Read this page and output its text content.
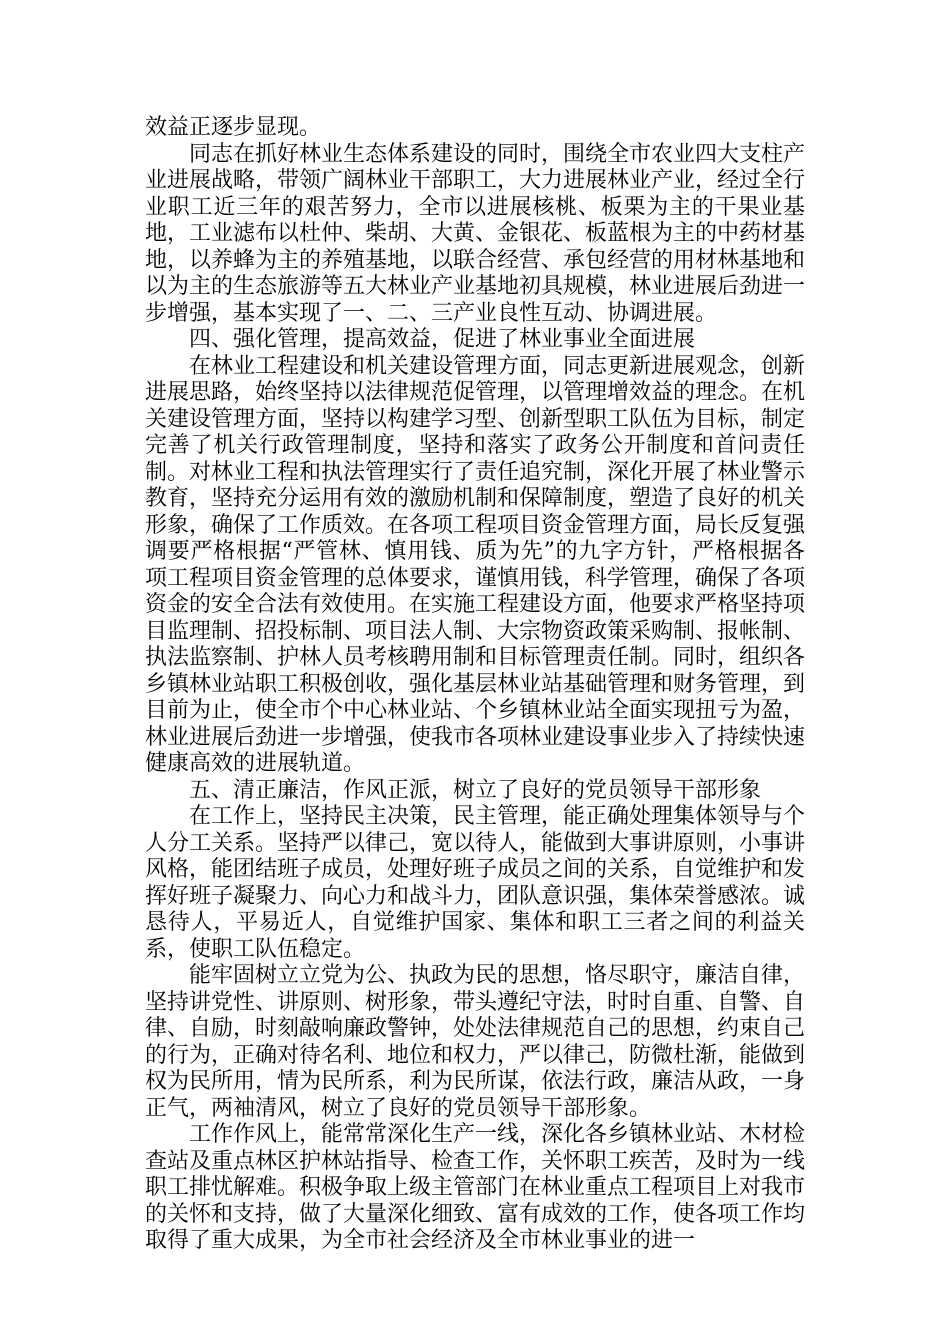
效益正逐步显现。

同志在抓好林业生态体系建设的同时，围绕全市农业四大支柱产业进展战略，带领广阔林业干部职工，大力进展林业产业，经过全行业职工近三年的艰苦努力，全市以进展核桃、板栗为主的干果业基地，工业滤布以杜仲、柴胡、大黄、金银花、板蓝根为主的中药材基地，以养蜂为主的养殖基地，以联合经营、承包经营的用材林基地和以为主的生态旅游等五大林业产业基地初具规模，林业进展后劲进一步增强，基本实现了一、二、三产业良性互动、协调进展。

四、强化管理，提高效益，促进了林业事业全面进展

在林业工程建设和机关建设管理方面，同志更新进展观念，创新进展思路，始终坚持以法律规范促管理，以管理增效益的理念。在机关建设管理方面，坚持以构建学习型、创新型职工队伍为目标，制定完善了机关行政管理制度，坚持和落实了政务公开制度和首问责任制。对林业工程和执法管理实行了责任追究制，深化开展了林业警示教育，坚持充分运用有效的激励机制和保障制度，塑造了良好的机关形象，确保了工作质效。在各项工程项目资金管理方面，局长反复强调要严格根据“严管林、慎用钱、质为先”的九字方针，严格根据各项工程项目资金管理的总体要求，谨慎用钱，科学管理，确保了各项资金的安全合法有效使用。在实施工程建设方面，他要求严格坚持项目监理制、招投标制、项目法人制、大宗物资政策采购制、报帐制、执法监察制、护林人员考核聘用制和目标管理责任制。同时，组织各乡镇林业站职工积极创收，强化基层林业站基础管理和财务管理，到目前为止，使全市个中心林业站、个乡镇林业站全面实现扭亏为盈，林业进展后劲进一步增强，使我市各项林业建设事业步入了持续快速健康高效的进展轨道。

五、清正廉洁，作风正派，树立了良好的党员领导干部形象

在工作上，坚持民主决策，民主管理，能正确处理集体领导与个人分工关系。坚持严以律己，宽以待人，能做到大事讲原则，小事讲风格，能团结班子成员，处理好班子成员之间的关系，自觉维护和发挥好班子凝聚力、向心力和战斗力，团队意识强，集体荣誉感浓。诚恳待人，平易近人，自觉维护国家、集体和职工三者之间的利益关系，使职工队伍稳定。

能牢固树立立党为公、执政为民的思想，恪尽职守，廉洁自律，坚持讲党性、讲原则、树形象，带头遵纪守法，时时自重、自警、自律、自励，时刻敲响廉政警钟，处处法律规范自己的思想，约束自己的行为，正确对待名利、地位和权力，严以律己，防微杜渐，能做到权为民所用，情为民所系，利为民所谋，依法行政，廉洁从政，一身正气，两袖清风，树立了良好的党员领导干部形象。

工作作风上，能常常深化生产一线，深化各乡镇林业站、木材检查站及重点林区护林站指导、检查工作，关怀职工疾苦，及时为一线职工排忧解难。积极争取上级主管部门在林业重点工程项目上对我市的关怀和支持，做了大量深化细致、富有成效的工作，使各项工作均取得了重大成果，为全市社会经济及全市林业事业的进一
